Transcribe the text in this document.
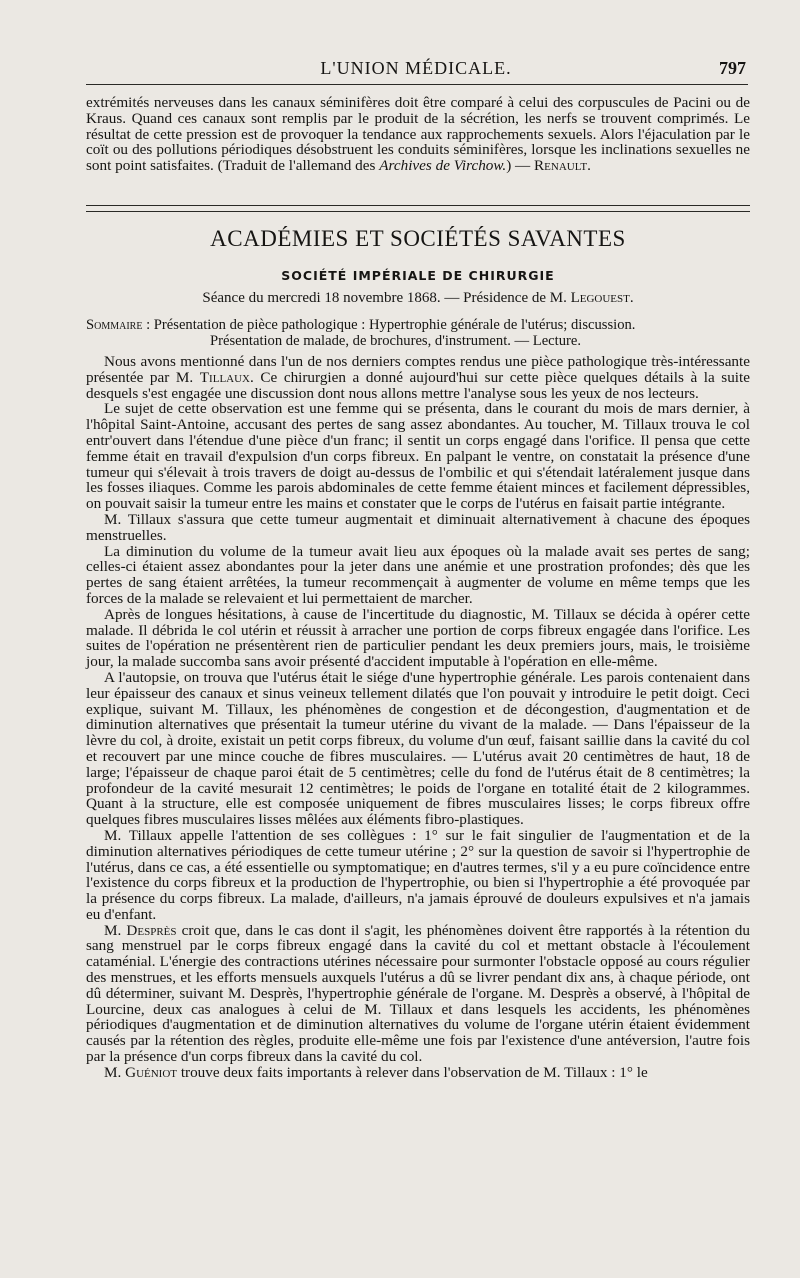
L'UNION MÉDICALE.	797

extrémités nerveuses dans les canaux séminifères doit être comparé à celui des corpuscules de Pacini ou de Kraus. Quand ces canaux sont remplis par le produit de la sécrétion, les nerfs se trouvent comprimés. Le résultat de cette pression est de provoquer la tendance aux rapprochements sexuels. Alors l'éjaculation par le coït ou des pollutions périodiques désobstruent les conduits séminifères, lorsque les inclinations sexuelles ne sont point satisfaites. (Traduit de l'allemand des Archives de Virchow.) — Renault.

ACADÉMIES ET SOCIÉTÉS SAVANTES
SOCIÉTÉ IMPÉRIALE DE CHIRURGIE
Séance du mercredi 18 novembre 1868. — Présidence de M. Legouest.
Sommaire : Présentation de pièce pathologique : Hypertrophie générale de l'utérus; discussion.
Présentation de malade, de brochures, d'instrument. — Lecture.

Nous avons mentionné dans l'un de nos derniers comptes rendus une pièce pathologique très-intéressante présentée par M. Tillaux. Ce chirurgien a donné aujourd'hui sur cette pièce quelques détails à la suite desquels s'est engagée une discussion dont nous allons mettre l'analyse sous les yeux de nos lecteurs.

Le sujet de cette observation est une femme qui se présenta, dans le courant du mois de mars dernier, à l'hôpital Saint-Antoine, accusant des pertes de sang assez abondantes. Au toucher, M. Tillaux trouva le col entr'ouvert dans l'étendue d'une pièce d'un franc; il sentit un corps engagé dans l'orifice. Il pensa que cette femme était en travail d'expulsion d'un corps fibreux. En palpant le ventre, on constatait la présence d'une tumeur qui s'élevait à trois travers de doigt au-dessus de l'ombilic et qui s'étendait latéralement jusque dans les fosses iliaques. Comme les parois abdominales de cette femme étaient minces et facilement dépressibles, on pouvait saisir la tumeur entre les mains et constater que le corps de l'utérus en faisait partie intégrante.

M. Tillaux s'assura que cette tumeur augmentait et diminuait alternativement à chacune des époques menstruelles.

La diminution du volume de la tumeur avait lieu aux époques où la malade avait ses pertes de sang; celles-ci étaient assez abondantes pour la jeter dans une anémie et une prostration profondes; dès que les pertes de sang étaient arrêtées, la tumeur recommençait à augmenter de volume en même temps que les forces de la malade se relevaient et lui permettaient de marcher.

Après de longues hésitations, à cause de l'incertitude du diagnostic, M. Tillaux se décida à opérer cette malade. Il débrida le col utérin et réussit à arracher une portion de corps fibreux engagée dans l'orifice. Les suites de l'opération ne présentèrent rien de particulier pendant les deux premiers jours, mais, le troisième jour, la malade succomba sans avoir présenté d'accident imputable à l'opération en elle-même.

A l'autopsie, on trouva que l'utérus était le siége d'une hypertrophie générale. Les parois contenaient dans leur épaisseur des canaux et sinus veineux tellement dilatés que l'on pouvait y introduire le petit doigt. Ceci explique, suivant M. Tillaux, les phénomènes de congestion et de décongestion, d'augmentation et de diminution alternatives que présentait la tumeur utérine du vivant de la malade. — Dans l'épaisseur de la lèvre du col, à droite, existait un petit corps fibreux, du volume d'un œuf, faisant saillie dans la cavité du col et recouvert par une mince couche de fibres musculaires. — L'utérus avait 20 centimètres de haut, 18 de large; l'épaisseur de chaque paroi était de 5 centimètres; celle du fond de l'utérus était de 8 centimètres; la profondeur de la cavité mesurait 12 centimètres; le poids de l'organe en totalité était de 2 kilogrammes. Quant à la structure, elle est composée uniquement de fibres musculaires lisses; le corps fibreux offre quelques fibres musculaires lisses mêlées aux éléments fibro-plastiques.

M. Tillaux appelle l'attention de ses collègues : 1° sur le fait singulier de l'augmentation et de la diminution alternatives périodiques de cette tumeur utérine ; 2° sur la question de savoir si l'hypertrophie de l'utérus, dans ce cas, a été essentielle ou symptomatique; en d'autres termes, s'il y a eu pure coïncidence entre l'existence du corps fibreux et la production de l'hypertrophie, ou bien si l'hypertrophie a été provoquée par la présence du corps fibreux. La malade, d'ailleurs, n'a jamais éprouvé de douleurs expulsives et n'a jamais eu d'enfant.

M. Desprès croit que, dans le cas dont il s'agit, les phénomènes doivent être rapportés à la rétention du sang menstruel par le corps fibreux engagé dans la cavité du col et mettant obstacle à l'écoulement cataménial. L'énergie des contractions utérines nécessaire pour surmonter l'obstacle opposé au cours régulier des menstrues, et les efforts mensuels auxquels l'utérus a dû se livrer pendant dix ans, à chaque période, ont dû déterminer, suivant M. Desprès, l'hypertrophie générale de l'organe. M. Desprès a observé, à l'hôpital de Lourcine, deux cas analogues à celui de M. Tillaux et dans lesquels les accidents, les phénomènes périodiques d'augmentation et de diminution alternatives du volume de l'organe utérin étaient évidemment causés par la rétention des règles, produite elle-même une fois par l'existence d'une antéversion, l'autre fois par la présence d'un corps fibreux dans la cavité du col.

M. Guéniot trouve deux faits importants à relever dans l'observation de M. Tillaux : 1° le
